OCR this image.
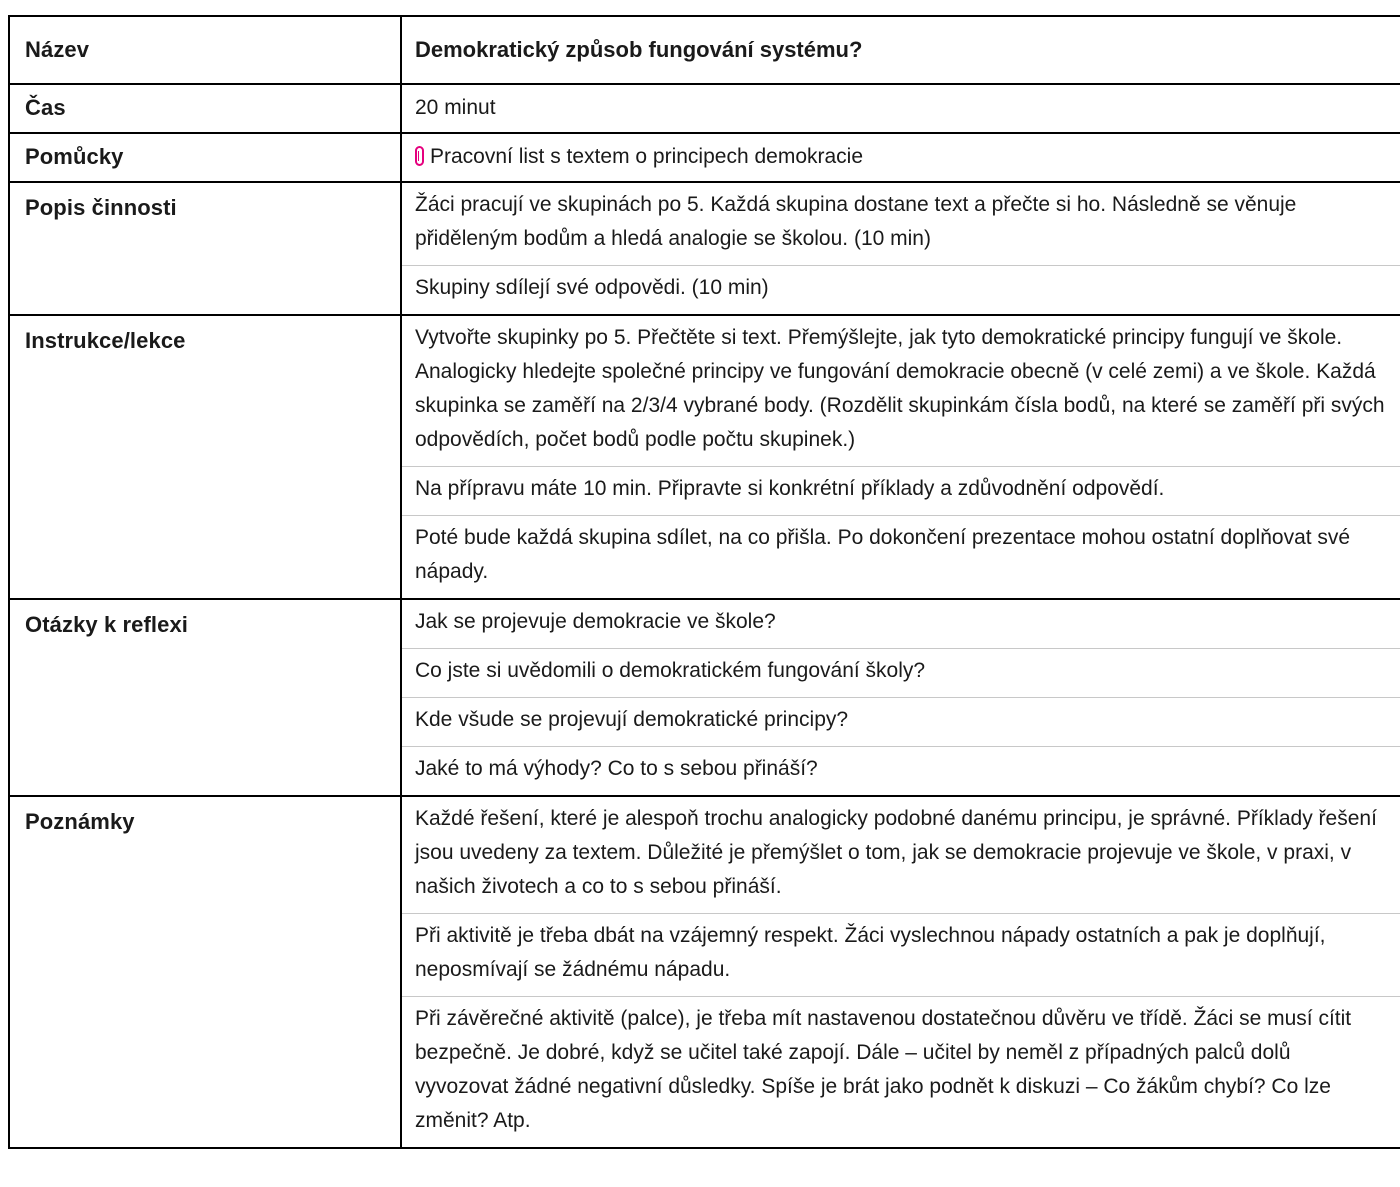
Název	Demokratický způsob fungování systému?

Čas	20 minut

Pomůcky	Pracovní list s textem o principech demokracie

Popis činnosti	Žáci pracují ve skupinách po 5. Každá skupina dostane text a přečte si ho. Následně se věnuje přiděleným bodům a hledá analogie se školou. (10 min)
Skupiny sdílejí své odpovědi. (10 min)

Instrukce/lekce	Vytvořte skupinky po 5. Přečtěte si text. Přemýšlejte, jak tyto demokratické principy fungují ve škole. Analogicky hledejte společné principy ve fungování demokracie obecně (v celé zemi) a ve škole. Každá skupinka se zaměří na 2/3/4 vybrané body. (Rozdělit skupinkám čísla bodů, na které se zaměří při svých odpovědích, počet bodů podle počtu skupinek.)
Na přípravu máte 10 min. Připravte si konkrétní příklady a zdůvodnění odpovědí.
Poté bude každá skupina sdílet, na co přišla. Po dokončení prezentace mohou ostatní doplňovat své nápady.

Otázky k reflexi	Jak se projevuje demokracie ve škole?
Co jste si uvědomili o demokratickém fungování školy?
Kde všude se projevují demokratické principy?
Jaké to má výhody? Co to s sebou přináší?

Poznámky	Každé řešení, které je alespoň trochu analogicky podobné danému principu, je správné. Příklady řešení jsou uvedeny za textem. Důležité je přemýšlet o tom, jak se demokracie projevuje ve škole, v praxi, v našich životech a co to s sebou přináší.
Při aktivitě je třeba dbát na vzájemný respekt. Žáci vyslechnou nápady ostatních a pak je doplňují, neposmívají se žádnému nápadu.
Při závěrečné aktivitě (palce), je třeba mít nastavenou dostatečnou důvěru ve třídě. Žáci se musí cítit bezpečně. Je dobré, když se učitel také zapojí. Dále – učitel by neměl z případných palců dolů vyvozovat žádné negativní důsledky. Spíše je brát jako podnět k diskuzi – Co žákům chybí? Co lze změnit? Atp.
